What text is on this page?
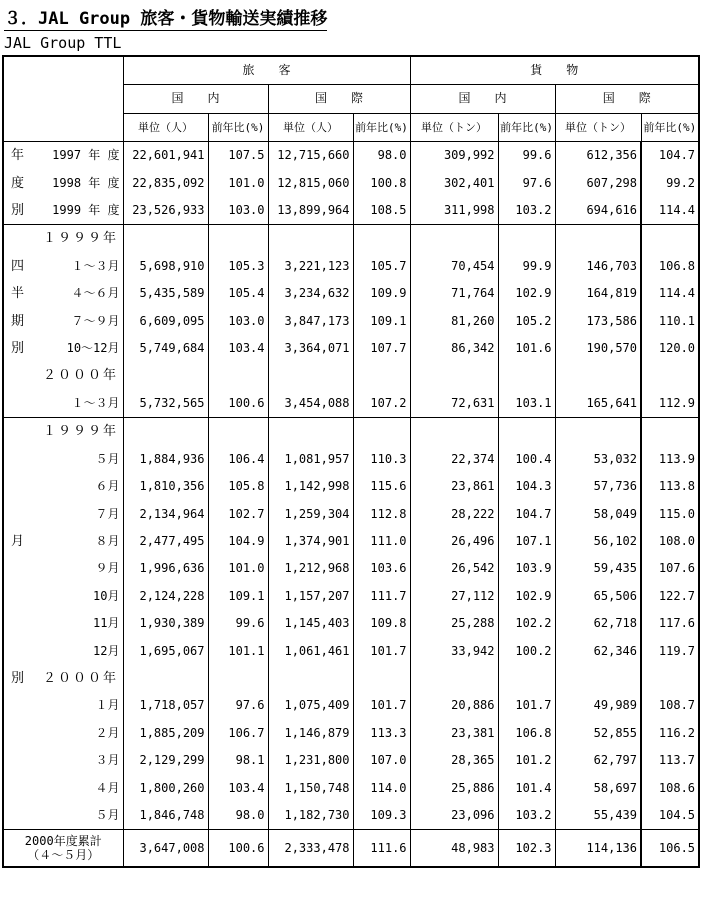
３．JAL Group 旅客・貨物輸送実績推移
JAL Group TTL
		旅　　客				貨　　物			
		国　　内		国　　際		国　　内		国　　際	
		単位（人）	前年比(%)	単位（人）	前年比(%)	単位（トン）	前年比(%)	単位（トン）	前年比(%)
年	1997 年 度	22,601,941	107.5	12,715,660	98.0	309,992	99.6	612,356	104.7
度	1998 年 度	22,835,092	101.0	12,815,060	100.8	302,401	97.6	607,298	99.2
別	1999 年 度	23,526,933	103.0	13,899,964	108.5	311,998	103.2	694,616	114.4
	１９９９年								
四	１～３月	5,698,910	105.3	3,221,123	105.7	70,454	99.9	146,703	106.8
半	４～６月	5,435,589	105.4	3,234,632	109.9	71,764	102.9	164,819	114.4
期	７～９月	6,609,095	103.0	3,847,173	109.1	81,260	105.2	173,586	110.1
別	10～12月	5,749,684	103.4	3,364,071	107.7	86,342	101.6	190,570	120.0
	２０００年								
	１～３月	5,732,565	100.6	3,454,088	107.2	72,631	103.1	165,641	112.9
	１９９９年								
	５月	1,884,936	106.4	1,081,957	110.3	22,374	100.4	53,032	113.9
	６月	1,810,356	105.8	1,142,998	115.6	23,861	104.3	57,736	113.8
	７月	2,134,964	102.7	1,259,304	112.8	28,222	104.7	58,049	115.0
月	８月	2,477,495	104.9	1,374,901	111.0	26,496	107.1	56,102	108.0
	９月	1,996,636	101.0	1,212,968	103.6	26,542	103.9	59,435	107.6
	10月	2,124,228	109.1	1,157,207	111.7	27,112	102.9	65,506	122.7
	11月	1,930,389	99.6	1,145,403	109.8	25,288	102.2	62,718	117.6
	12月	1,695,067	101.1	1,061,461	101.7	33,942	100.2	62,346	119.7
別	２０００年								
	１月	1,718,057	97.6	1,075,409	101.7	20,886	101.7	49,989	108.7
	２月	1,885,209	106.7	1,146,879	113.3	23,381	106.8	52,855	116.2
	３月	2,129,299	98.1	1,231,800	107.0	28,365	101.2	62,797	113.7
	４月	1,800,260	103.4	1,150,748	114.0	25,886	101.4	58,697	108.6
	５月	1,846,748	98.0	1,182,730	109.3	23,096	103.2	55,439	104.5

2000年度累計
（４～５月）		3,647,008	100.6	2,333,478	111.6	48,983	102.3	114,136	106.5
